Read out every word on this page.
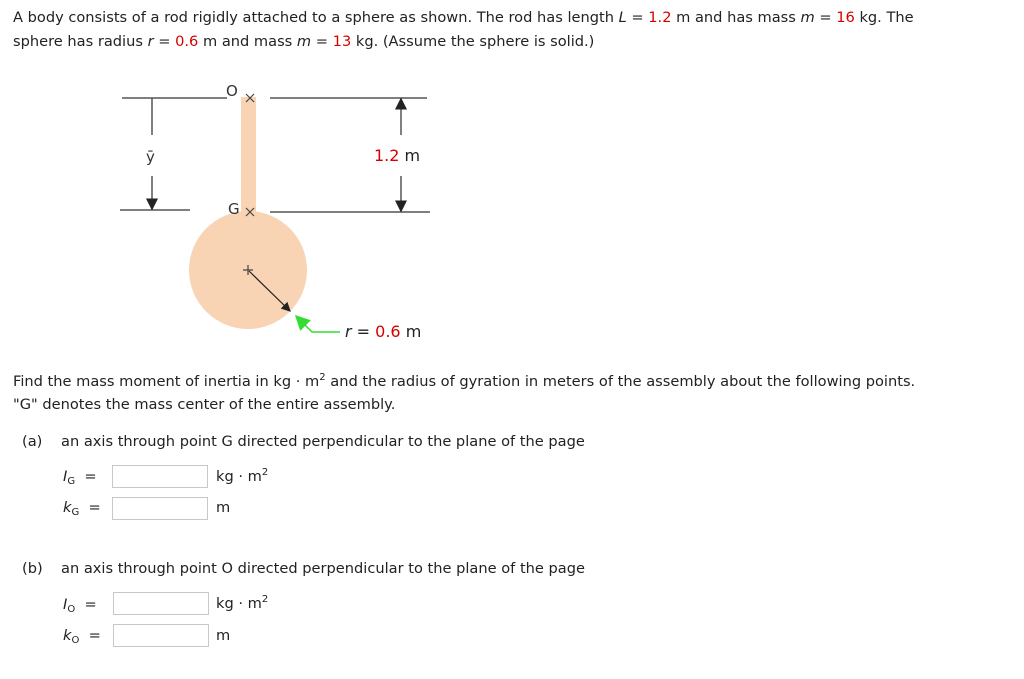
A body consists of a rod rigidly attached to a sphere as shown. The rod has length L = 1.2 m and has mass m = 16 kg. The
sphere has radius r = 0.6 m and mass m = 13 kg. (Assume the sphere is solid.)
O
G
ȳ	1.2 m
r = 0.6 m
Find the mass moment of inertia in kg · $m^2$ and the radius of gyration in meters of the assembly about the following points.
"G" denotes the mass center of the entire assembly.
(a) an axis through point G directed perpendicular to the plane of the page
$I_G$ =	kg · $m^2$
$k_G$ =	m
(b) an axis through point O directed perpendicular to the plane of the page
$I_O$ =	kg · $m^2$
$k_O$ =	m
